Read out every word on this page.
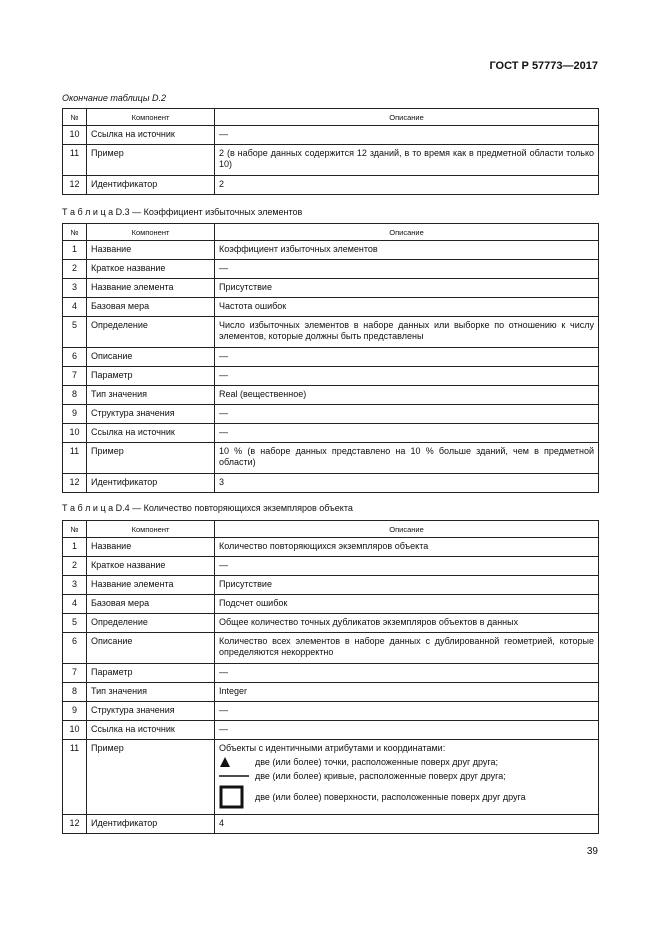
ГОСТ Р 57773—2017
Окончание таблицы D.2
№	Компонент	Описание
10	Ссылка на источник	—
11	Пример	2 (в наборе данных содержится 12 зданий, в то время как в предметной области только 10)
12	Идентификатор	2
Т а б л и ц а D.3 — Коэффициент избыточных элементов
№	Компонент	Описание
1	Название	Коэффициент избыточных элементов
2	Краткое название	—
3	Название элемента	Присутствие
4	Базовая мера	Частота ошибок
5	Определение	Число избыточных элементов в наборе данных или выборке по отношению к числу элементов, которые должны быть представлены
6	Описание	—
7	Параметр	—
8	Тип значения	Real (вещественное)
9	Структура значения	—
10	Ссылка на источник	—
11	Пример	10 % (в наборе данных представлено на 10 % больше зданий, чем в предметной области)
12	Идентификатор	3
Т а б л и ц а D.4 — Количество повторяющихся экземпляров объекта
№	Компонент	Описание
1	Название	Количество повторяющихся экземпляров объекта
2	Краткое название	—
3	Название элемента	Присутствие
4	Базовая мера	Подсчет ошибок
5	Определение	Общее количество точных дубликатов экземпляров объектов в данных
6	Описание	Количество всех элементов в наборе данных с дублированной геометрией, которые определяются некорректно
7	Параметр	—
8	Тип значения	Integer
9	Структура значения	—
10	Ссылка на источник	—
11	Пример	Объекты с идентичными атрибутами и координатами:
две (или более) точки, расположенные поверх друг друга;
две (или более) кривые, расположенные поверх друг друга;
две (или более) поверхности, расположенные поверх друг друга

12	Идентификатор	4
39
